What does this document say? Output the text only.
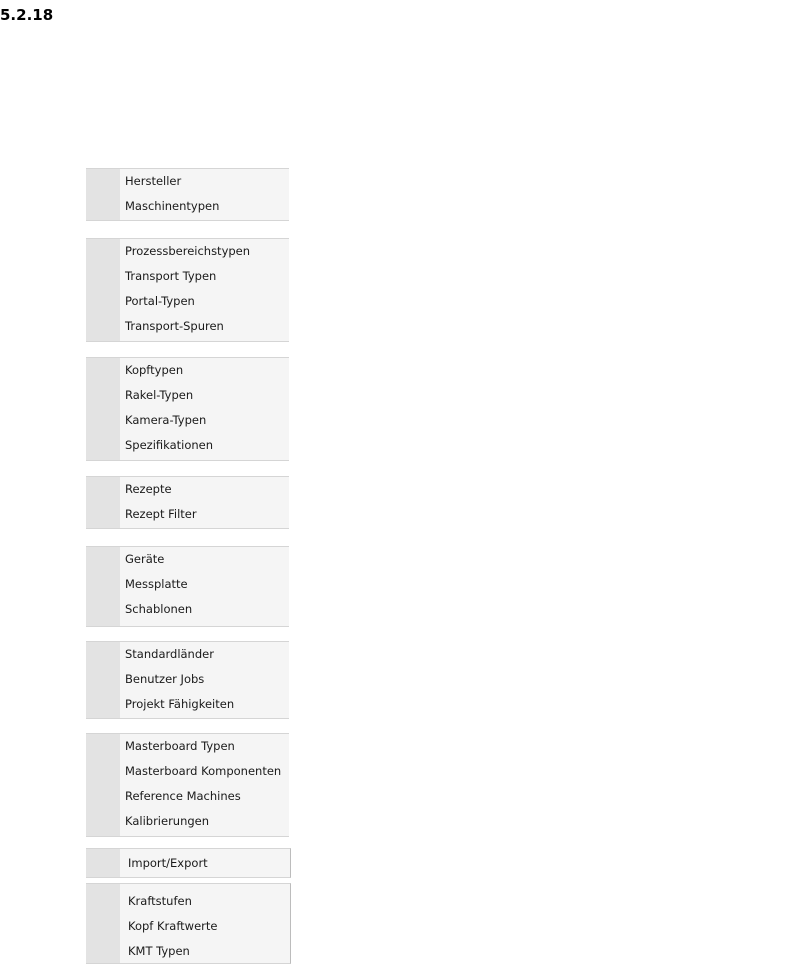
5.2.18
Hersteller
Maschinentypen
Prozessbereichstypen
Transport Typen
Portal-Typen
Transport-Spuren
Kopftypen
Rakel-Typen
Kamera-Typen
Spezifikationen
Rezepte
Rezept Filter
Geräte
Messplatte
Schablonen
Standardländer
Benutzer Jobs
Projekt Fähigkeiten
Masterboard Typen
Masterboard Komponenten
Reference Machines
Kalibrierungen
Import/Export
Kraftstufen
Kopf Kraftwerte
KMT Typen
